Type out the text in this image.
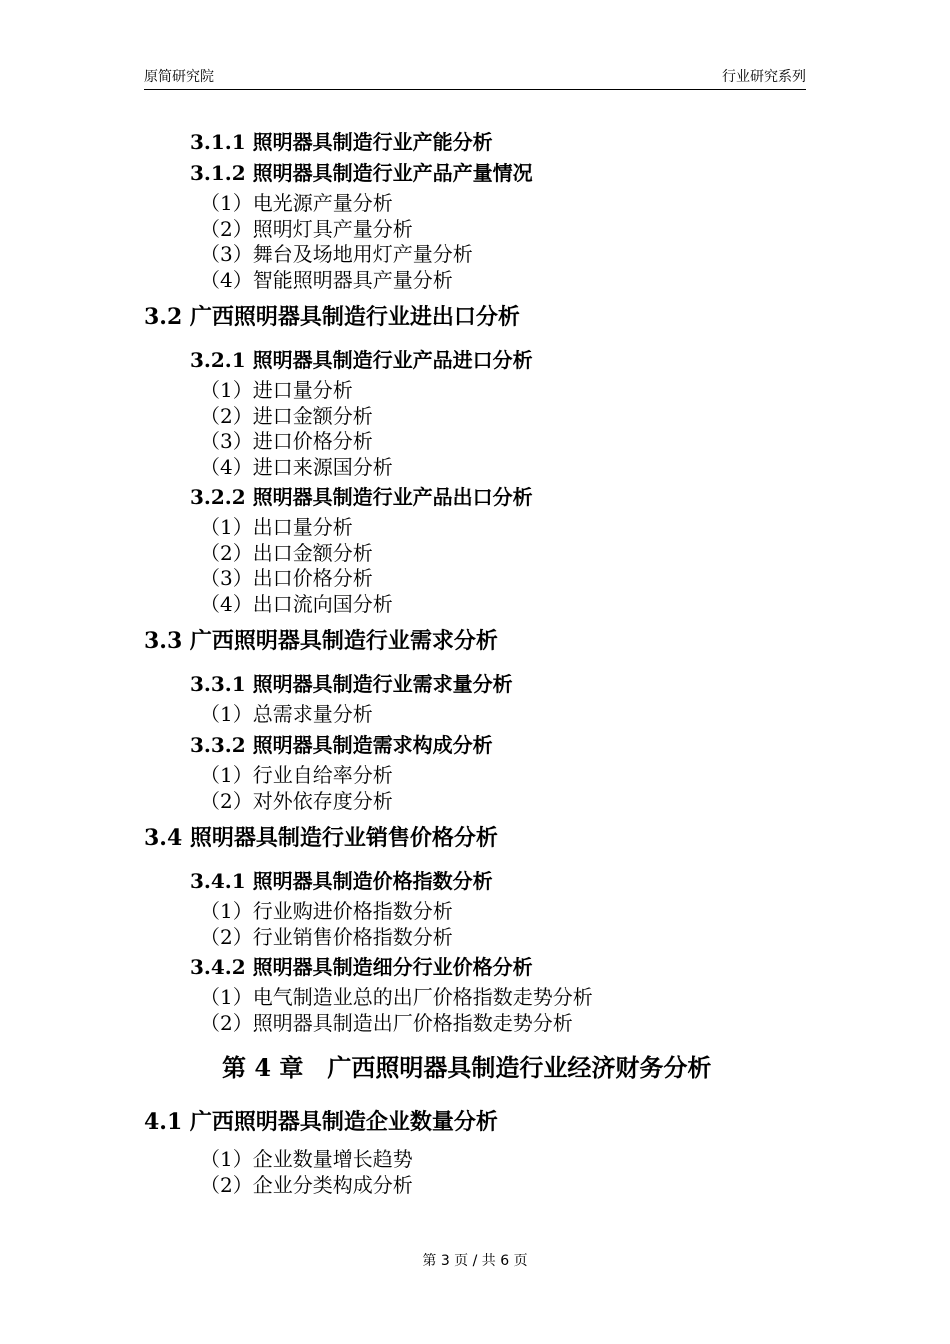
原简研究院	行业研究系列
3.1.1 照明器具制造行业产能分析
3.1.2 照明器具制造行业产品产量情况
（1）电光源产量分析
（2）照明灯具产量分析
（3）舞台及场地用灯产量分析
（4）智能照明器具产量分析
3.2 广西照明器具制造行业进出口分析
3.2.1 照明器具制造行业产品进口分析
（1）进口量分析
（2）进口金额分析
（3）进口价格分析
（4）进口来源国分析
3.2.2 照明器具制造行业产品出口分析
（1）出口量分析
（2）出口金额分析
（3）出口价格分析
（4）出口流向国分析
3.3 广西照明器具制造行业需求分析
3.3.1 照明器具制造行业需求量分析
（1）总需求量分析
3.3.2 照明器具制造需求构成分析
（1）行业自给率分析
（2）对外依存度分析
3.4 照明器具制造行业销售价格分析
3.4.1 照明器具制造价格指数分析
（1）行业购进价格指数分析
（2）行业销售价格指数分析
3.4.2 照明器具制造细分行业价格分析
（1）电气制造业总的出厂价格指数走势分析
（2）照明器具制造出厂价格指数走势分析
第 4 章　广西照明器具制造行业经济财务分析
4.1 广西照明器具制造企业数量分析
（1）企业数量增长趋势
（2）企业分类构成分析
第 3 页 / 共 6 页
